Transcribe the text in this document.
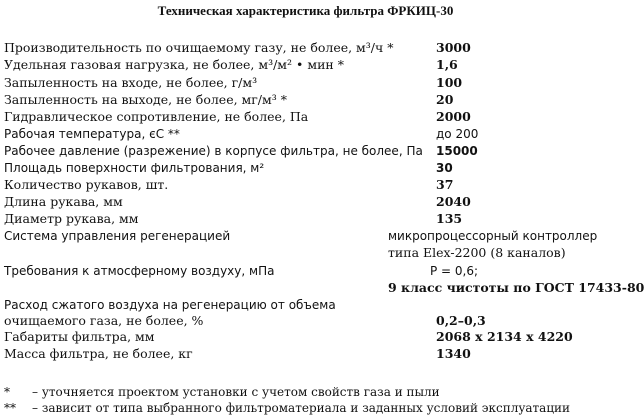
Техническая характеристика фильтра ФРКИЦ-30
Производительность по очищаемому газу, не более, м³/ч *	3000
Удельная газовая нагрузка, не более, м³/м² • мин *	1,6
Запыленность на входе, не более, г/м³	100
Запыленность на выходе, не более, мг/м³ *	20
Гидравлическое сопротивление, не более, Па	2000
Рабочая температура, єС **	до 200
Рабочее давление (разрежение) в корпусе фильтра, не более, Па 15000
Площадь поверхности фильтрования, м²	30
Количество рукавов, шт.	37
Длина рукава, мм	2040
Диаметр рукава, мм	135
Система управления регенерацией	микропроцессорный контроллер
типа Elex-2200 (8 каналов)
Требования к атмосферному воздуху, мПа	Р = 0,6;
9 класс чистоты по ГОСТ 17433-80
Расход сжатого воздуха на регенерацию от объема
очищаемого газа, не более, %	0,2–0,3
Габариты фильтра, мм	2068 х 2134 х 4220
Масса фильтра, не более, кг	1340
* – уточняется проектом установки с учетом свойств газа и пыли
** – зависит от типа выбранного фильтроматериала и заданных условий эксплуатации
